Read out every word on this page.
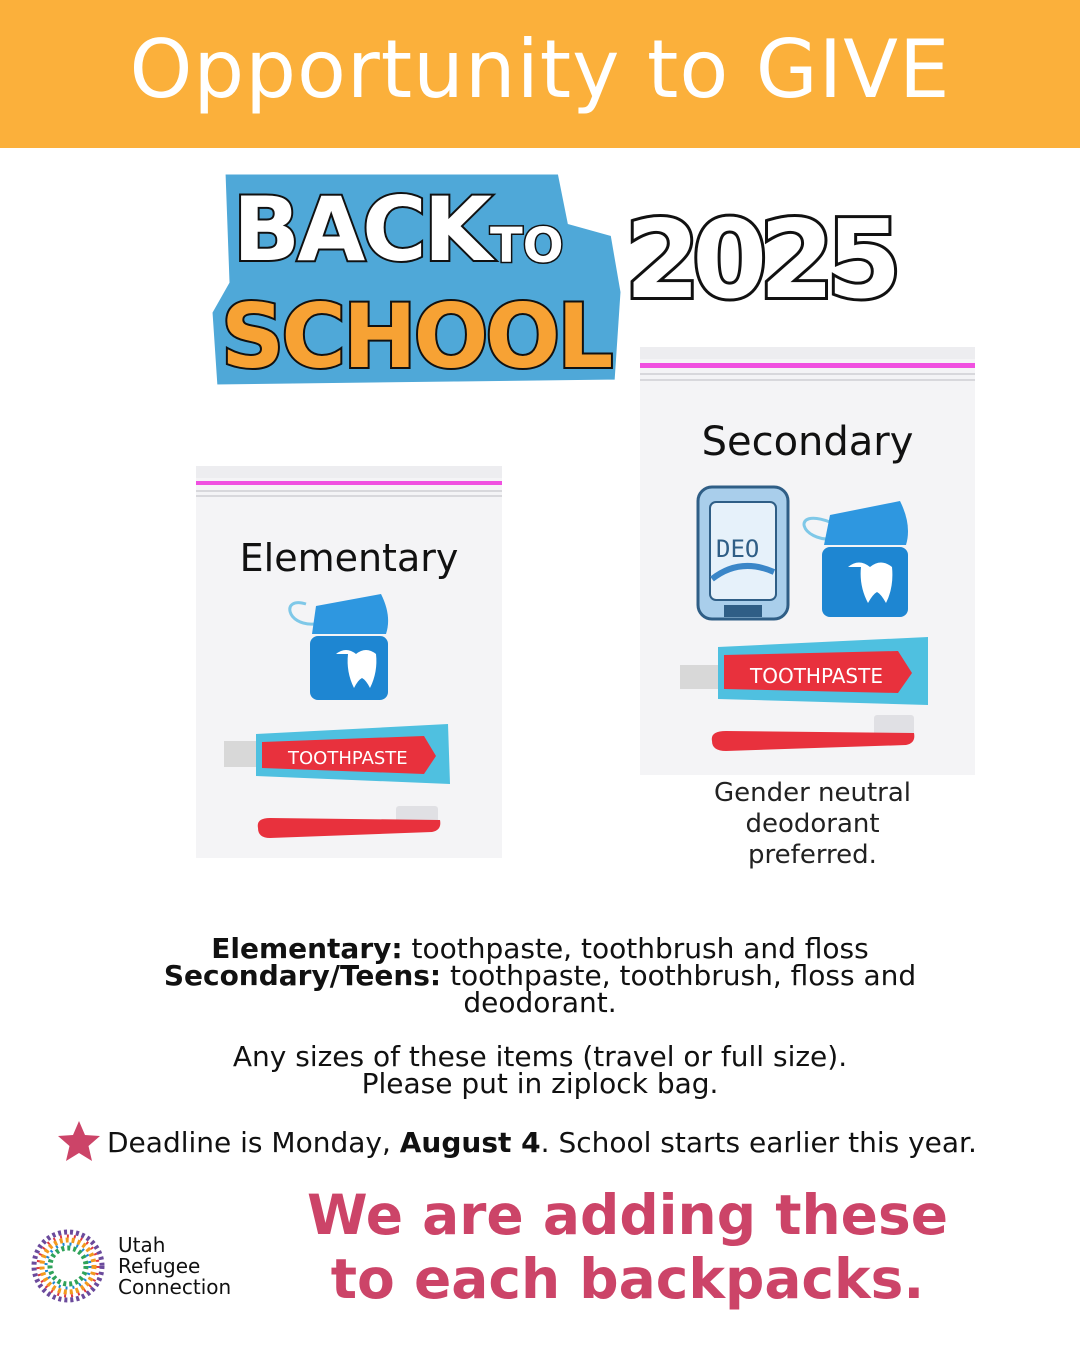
Opportunity to GIVE
BACK TO
SCHOOL
2025
TOOTHPASTE
Elementary	DEO
TOOTHPASTE
Secondary
Gender neutral
deodorant
preferred.
Elementary: toothpaste, toothbrush and floss
Secondary/Teens: toothpaste, toothbrush, floss and
deodorant.
Any sizes of these items (travel or full size).
Please put in ziplock bag.
Deadline is Monday, August 4 . School starts earlier this year.
Utah
Refugee
Connection
We are adding these
to each backpacks.
